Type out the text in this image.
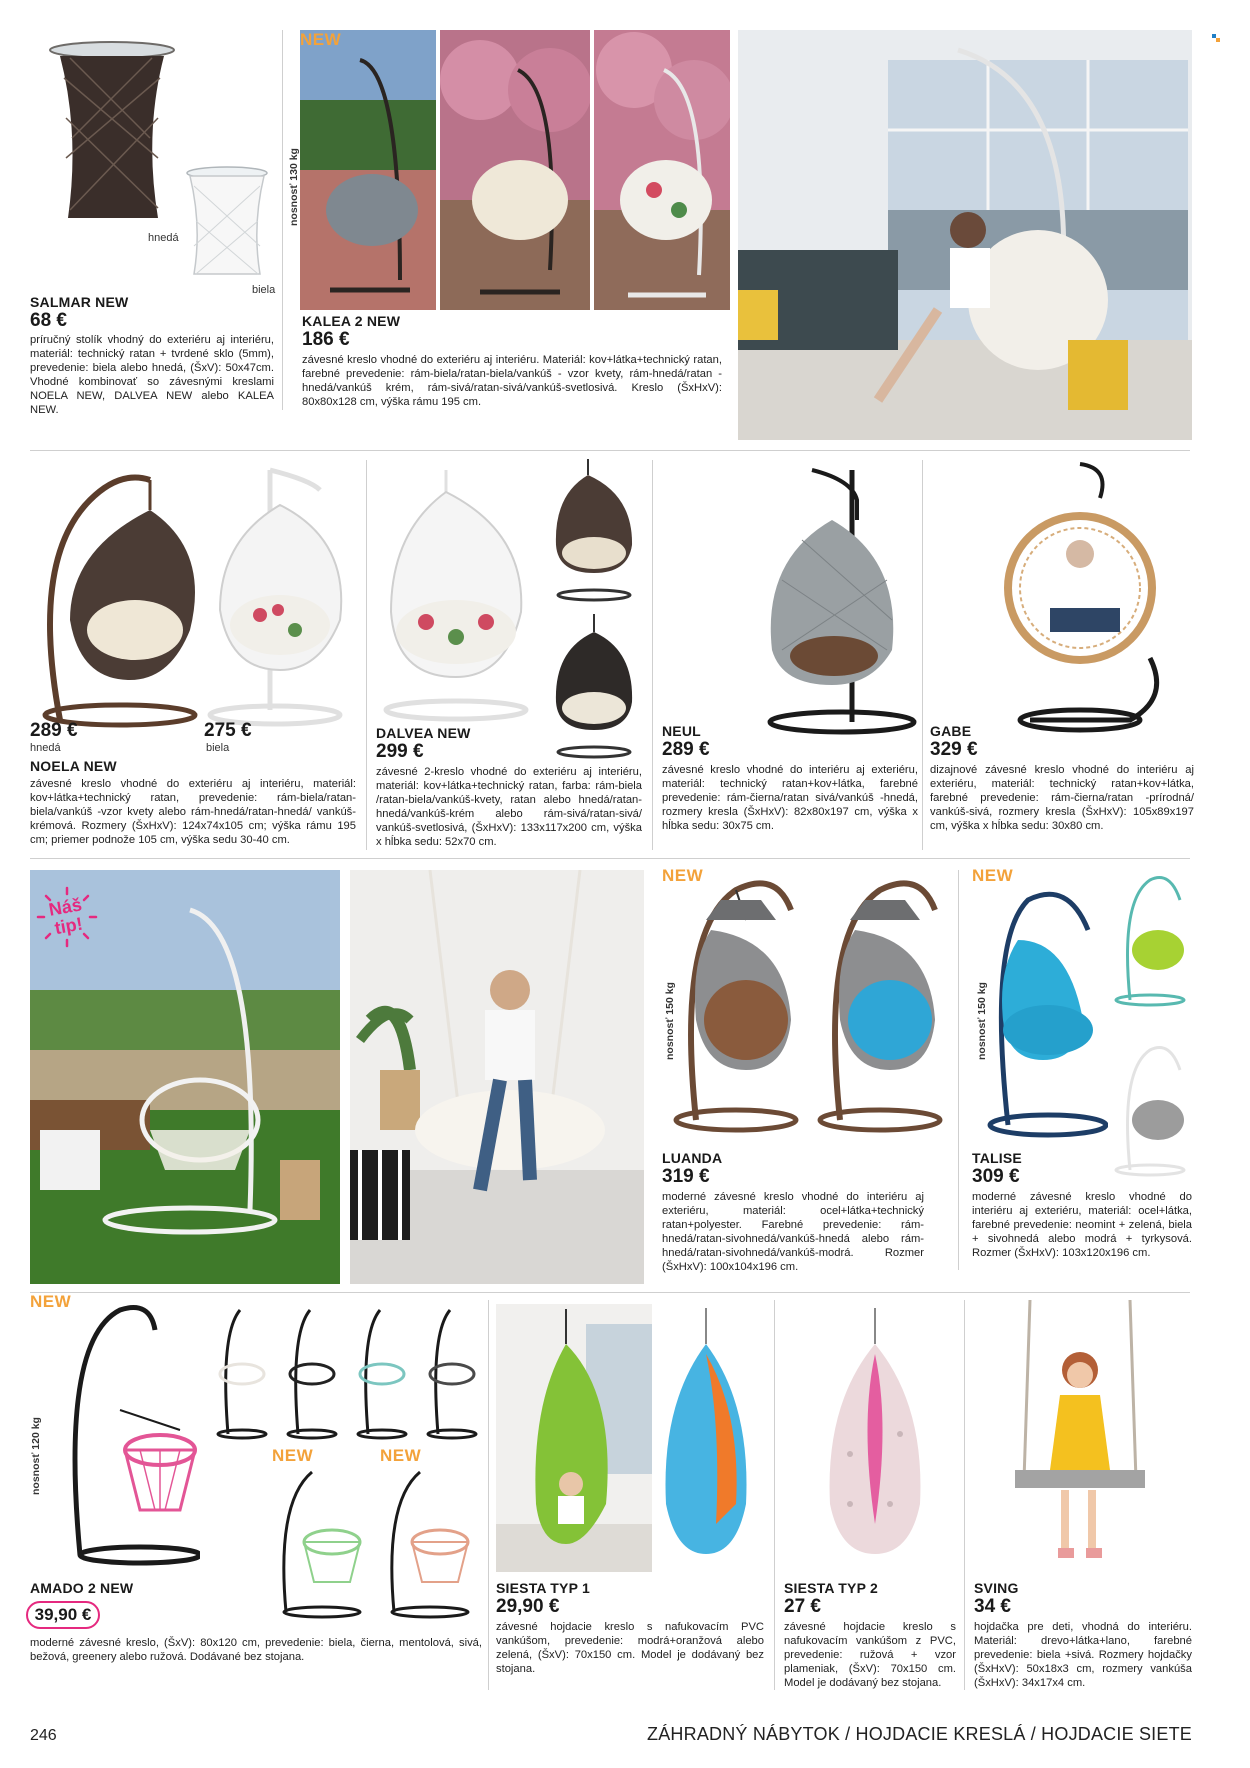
hnedá
biela
SALMAR NEW
68 €
príručný stolík vhodný do exteriéru aj interiéru, materiál: technický ratan + tvrdené sklo (5mm), prevedenie: biela alebo hnedá, (ŠxV): 50x47cm. Vhodné kombinovať so závesnými kreslami NOELA NEW, DALVEA NEW alebo KALEA NEW.
NEW
nosnosť 130 kg
KALEA 2 NEW
186 €
závesné kreslo vhodné do exteriéru aj interiéru. Materiál: kov+látka+technický ratan, farebné prevedenie: rám-biela/ratan-biela/vankúš - vzor kvety, rám-hnedá/ratan -hnedá/vankúš krém, rám-sivá/ratan-sivá/vankúš-svetlosivá. Kreslo (ŠxHxV): 80x80x128 cm, výška rámu 195 cm.
289 €
hnedá
275 €
biela
NOELA NEW
závesné kreslo vhodné do exteriéru aj interiéru, materiál: kov+látka+technický ratan, prevedenie: rám-biela/ratan-biela/vankúš -vzor kvety alebo rám-hnedá/ratan-hnedá/ vankúš-krémová. Rozmery (ŠxHxV): 124x74x105 cm; výška rámu 195 cm; priemer podnože 105 cm, výška sedu 30-40 cm.
DALVEA NEW
299 €
závesné 2-kreslo vhodné do exteriéru aj interiéru, materiál: kov+látka+technický ratan, farba: rám-biela /ratan-biela/vankúš-kvety, ratan alebo hnedá/ratan-hnedá/vankúš-krém alebo rám-sivá/ratan-sivá/ vankúš-svetlosivá, (ŠxHxV): 133x117x200 cm, výška x hĺbka sedu: 52x70 cm.
NEUL
289 €
závesné kreslo vhodné do interiéru aj exteriéru, materiál: technický ratan+kov+látka, farebné prevedenie: rám-čierna/ratan sivá/vankúš -hnedá, rozmery kresla (ŠxHxV): 82x80x197 cm, výška x hĺbka sedu: 30x75 cm.
GABE
329 €
dizajnové závesné kreslo vhodné do interiéru aj exteriéru, materiál: technický ratan+kov+látka, farebné prevedenie: rám-čierna/ratan -prírodná/ vankúš-sivá, rozmery kresla (ŠxHxV): 105x89x197 cm, výška x hĺbka sedu: 30x80 cm.
Náš tip!
NEW
nosnosť 150 kg
LUANDA
319 €
moderné závesné kreslo vhodné do interiéru aj exteriéru, materiál: ocel+látka+technický ratan+polyester. Farebné prevedenie: rám-hnedá/ratan-sivohnedá/vankúš-hnedá alebo rám-hnedá/ratan-sivohnedá/vankúš-modrá. Rozmer (ŠxHxV): 100x104x196 cm.
NEW
nosnosť 150 kg
TALISE
309 €
moderné závesné kreslo vhodné do interiéru aj exteriéru, materiál: ocel+látka, farebné prevedenie: neomint + zelená, biela + sivohnedá alebo modrá + tyrkysová. Rozmer (ŠxHxV): 103x120x196 cm.
NEW
nosnosť 120 kg	NEW	NEW
AMADO 2 NEW
39,90 €
moderné závesné kreslo, (ŠxV): 80x120 cm, prevedenie: biela, čierna, mentolová, sivá, bežová, greenery alebo ružová. Dodávané bez stojana.
SIESTA TYP 1
29,90 €
závesné hojdacie kreslo s nafukovacím PVC vankúšom, prevedenie: modrá+oranžová alebo zelená, (ŠxV): 70x150 cm. Model je dodávaný bez stojana.
SIESTA TYP 2
27 €
závesné hojdacie kreslo s nafukovacím vankúšom z PVC, prevedenie: ružová + vzor plameniak, (ŠxV): 70x150 cm. Model je dodávaný bez stojana.
SVING
34 €
hojdačka pre deti, vhodná do interiéru. Materiál: drevo+látka+lano, farebné prevedenie: biela +sivá. Rozmery hojdačky (ŠxHxV): 50x18x3 cm, rozmery vankúša (ŠxHxV): 34x17x4 cm.
246	ZÁHRADNÝ NÁBYTOK / HOJDACIE KRESLÁ / HOJDACIE SIETE
